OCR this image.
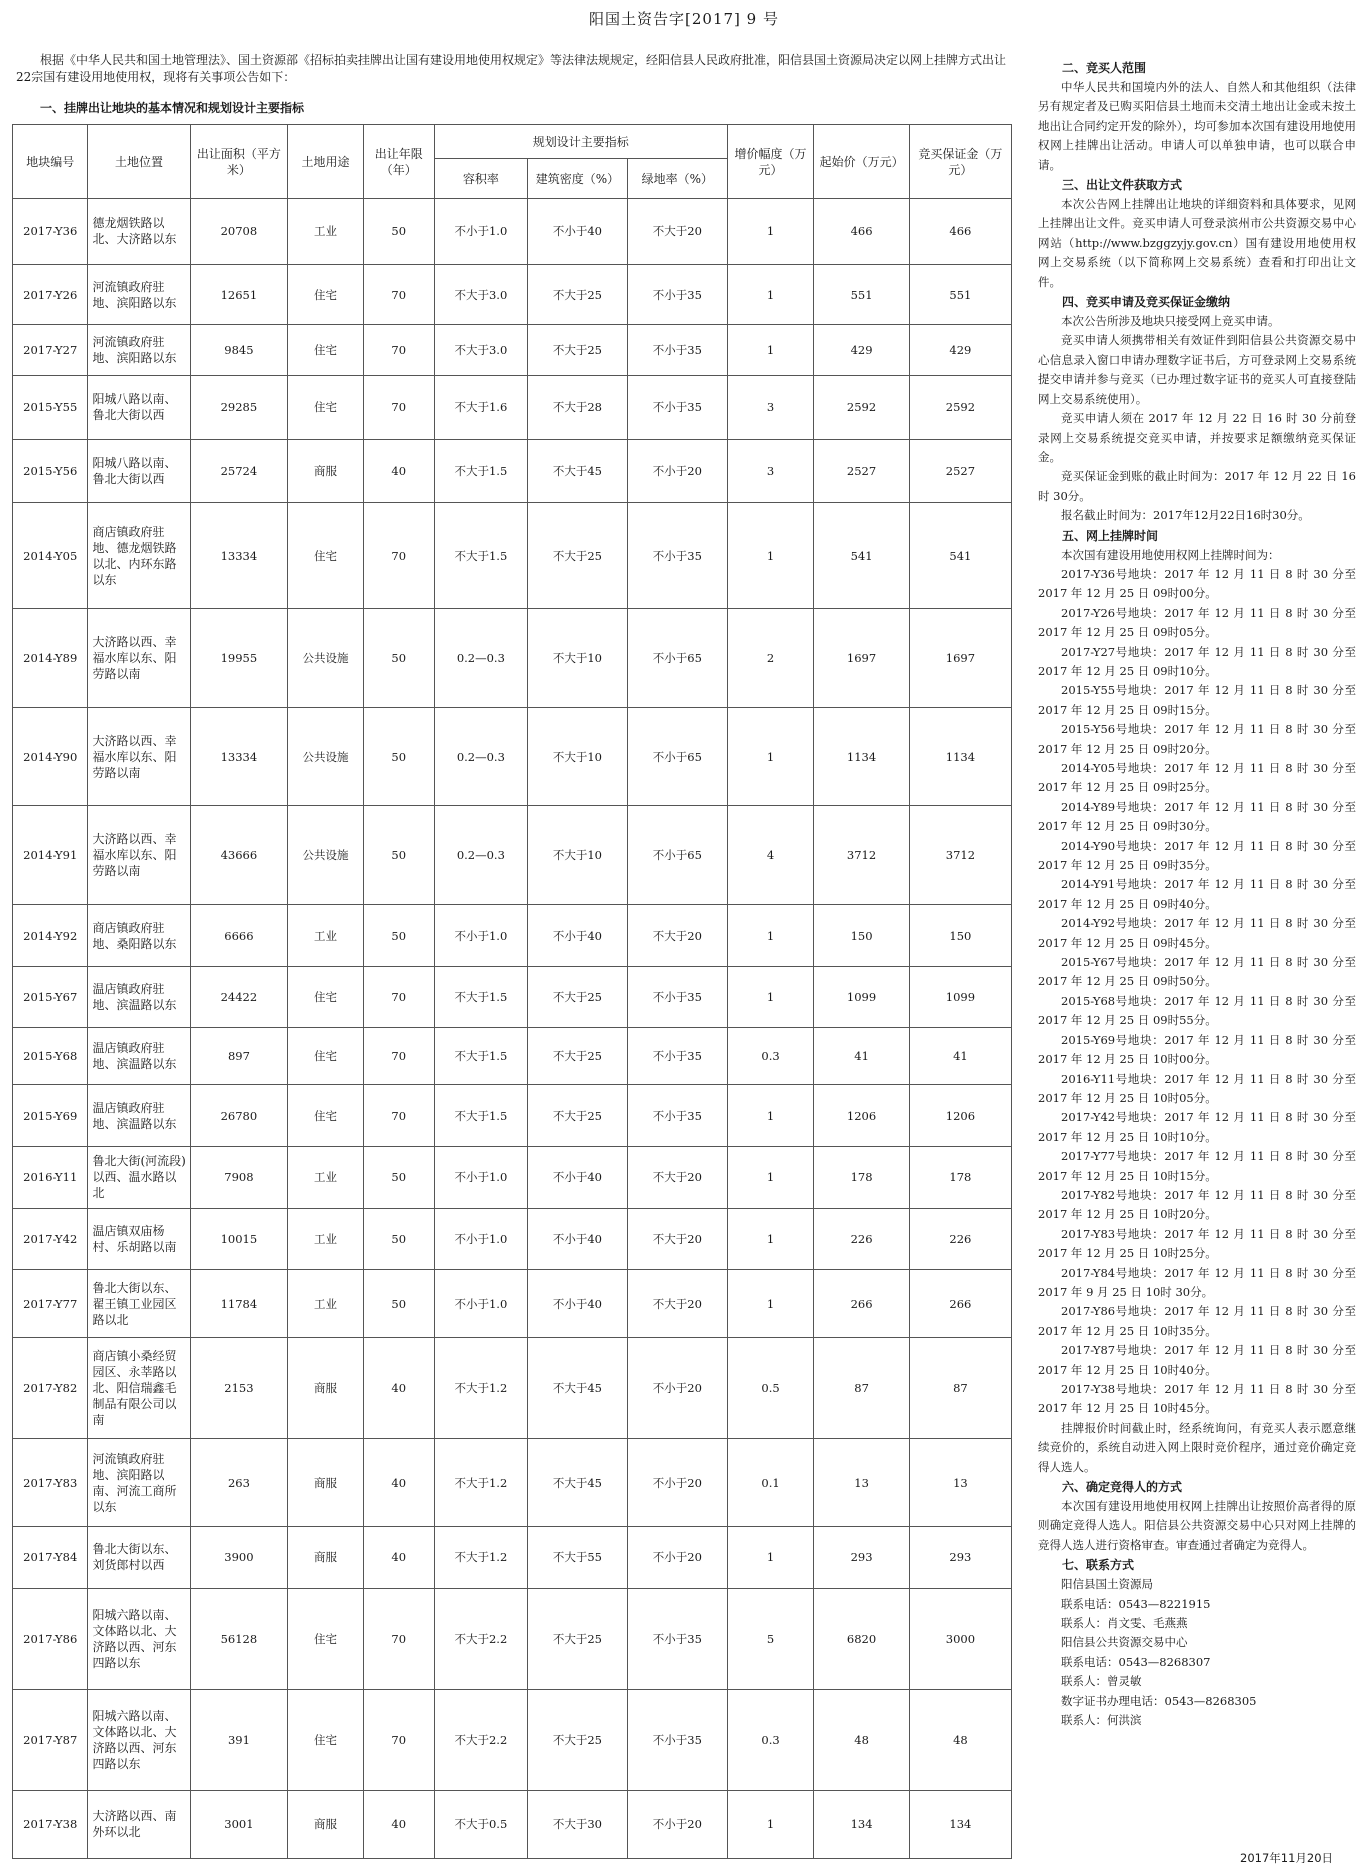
阳国土资告字[2017] 9 号

根据《中华人民共和国土地管理法》、国土资源部《招标拍卖挂牌出让国有建设用地使用权规定》等法律法规规定，经阳信县人民政府批准，阳信县国土资源局决定以网上挂牌方式出让22宗国有建设用地使用权，现将有关事项公告如下：

一、挂牌出让地块的基本情况和规划设计主要指标
地块编号	土地位置	出让面积（平方米）	土地用途	出让年限（年）	规划设计主要指标			增价幅度（万元）	起始价（万元）	竞买保证金（万元）
					容积率	建筑密度（%）	绿地率（%）			
2017-Y36	德龙烟铁路以北、大济路以东	20708	工业	50	不小于1.0	不小于40	不大于20	1	466	466
2017-Y26	河流镇政府驻地、滨阳路以东	12651	住宅	70	不大于3.0	不大于25	不小于35	1	551	551
2017-Y27	河流镇政府驻地、滨阳路以东	9845	住宅	70	不大于3.0	不大于25	不小于35	1	429	429
2015-Y55	阳城八路以南、鲁北大街以西	29285	住宅	70	不大于1.6	不大于28	不小于35	3	2592	2592
2015-Y56	阳城八路以南、鲁北大街以西	25724	商服	40	不大于1.5	不大于45	不小于20	3	2527	2527
2014-Y05	商店镇政府驻地、德龙烟铁路以北、内环东路以东	13334	住宅	70	不大于1.5	不大于25	不小于35	1	541	541
2014-Y89	大济路以西、幸福水库以东、阳劳路以南	19955	公共设施	50	0.2—0.3	不大于10	不小于65	2	1697	1697
2014-Y90	大济路以西、幸福水库以东、阳劳路以南	13334	公共设施	50	0.2—0.3	不大于10	不小于65	1	1134	1134
2014-Y91	大济路以西、幸福水库以东、阳劳路以南	43666	公共设施	50	0.2—0.3	不大于10	不小于65	4	3712	3712
2014-Y92	商店镇政府驻地、桑阳路以东	6666	工业	50	不小于1.0	不小于40	不大于20	1	150	150
2015-Y67	温店镇政府驻地、滨温路以东	24422	住宅	70	不大于1.5	不大于25	不小于35	1	1099	1099
2015-Y68	温店镇政府驻地、滨温路以东	897	住宅	70	不大于1.5	不大于25	不小于35	0.3	41	41
2015-Y69	温店镇政府驻地、滨温路以东	26780	住宅	70	不大于1.5	不大于25	不小于35	1	1206	1206
2016-Y11	鲁北大街(河流段)以西、温水路以北	7908	工业	50	不小于1.0	不小于40	不大于20	1	178	178
2017-Y42	温店镇双庙杨村、乐胡路以南	10015	工业	50	不小于1.0	不小于40	不大于20	1	226	226
2017-Y77	鲁北大街以东、翟王镇工业园区路以北	11784	工业	50	不小于1.0	不小于40	不大于20	1	266	266
2017-Y82	商店镇小桑经贸园区、永莘路以北、阳信瑞鑫毛制品有限公司以南	2153	商服	40	不大于1.2	不大于45	不小于20	0.5	87	87
2017-Y83	河流镇政府驻地、滨阳路以南、河流工商所以东	263	商服	40	不大于1.2	不大于45	不小于20	0.1	13	13
2017-Y84	鲁北大街以东、刘货郎村以西	3900	商服	40	不大于1.2	不大于55	不小于20	1	293	293
2017-Y86	阳城六路以南、文体路以北、大济路以西、河东四路以东	56128	住宅	70	不大于2.2	不大于25	不小于35	5	6820	3000
2017-Y87	阳城六路以南、文体路以北、大济路以西、河东四路以东	391	住宅	70	不大于2.2	不大于25	不小于35	0.3	48	48
2017-Y38	大济路以西、南外环以北	3001	商服	40	不大于0.5	不大于30	不小于20	1	134	134
二、竞买人范围

中华人民共和国境内外的法人、自然人和其他组织（法律另有规定者及已购买阳信县土地而未交清土地出让金或未按土地出让合同约定开发的除外），均可参加本次国有建设用地使用权网上挂牌出让活动。申请人可以单独申请，也可以联合申请。

三、出让文件获取方式

本次公告网上挂牌出让地块的详细资料和具体要求，见网上挂牌出让文件。竞买申请人可登录滨州市公共资源交易中心网站（http://www.bzggzyjy.gov.cn）国有建设用地使用权网上交易系统（以下简称网上交易系统）查看和打印出让文件。

四、竞买申请及竞买保证金缴纳

本次公告所涉及地块只接受网上竞买申请。

竞买申请人须携带相关有效证件到阳信县公共资源交易中心信息录入窗口申请办理数字证书后，方可登录网上交易系统提交申请并参与竞买（已办理过数字证书的竞买人可直接登陆网上交易系统使用）。

竞买申请人须在 2017 年 12 月 22 日 16 时 30 分前登录网上交易系统提交竞买申请，并按要求足额缴纳竞买保证金。

竞买保证金到账的截止时间为：2017 年 12 月 22 日 16 时 30分。

报名截止时间为：2017年12月22日16时30分。

五、网上挂牌时间

本次国有建设用地使用权网上挂牌时间为：

2017-Y36号地块：2017 年 12 月 11 日 8 时 30 分至 2017 年 12 月 25 日 09时00分。

2017-Y26号地块：2017 年 12 月 11 日 8 时 30 分至 2017 年 12 月 25 日 09时05分。

2017-Y27号地块：2017 年 12 月 11 日 8 时 30 分至 2017 年 12 月 25 日 09时10分。

2015-Y55号地块：2017 年 12 月 11 日 8 时 30 分至 2017 年 12 月 25 日 09时15分。

2015-Y56号地块：2017 年 12 月 11 日 8 时 30 分至 2017 年 12 月 25 日 09时20分。

2014-Y05号地块：2017 年 12 月 11 日 8 时 30 分至 2017 年 12 月 25 日 09时25分。

2014-Y89号地块：2017 年 12 月 11 日 8 时 30 分至 2017 年 12 月 25 日 09时30分。

2014-Y90号地块：2017 年 12 月 11 日 8 时 30 分至 2017 年 12 月 25 日 09时35分。

2014-Y91号地块：2017 年 12 月 11 日 8 时 30 分至 2017 年 12 月 25 日 09时40分。

2014-Y92号地块：2017 年 12 月 11 日 8 时 30 分至 2017 年 12 月 25 日 09时45分。

2015-Y67号地块：2017 年 12 月 11 日 8 时 30 分至 2017 年 12 月 25 日 09时50分。

2015-Y68号地块：2017 年 12 月 11 日 8 时 30 分至 2017 年 12 月 25 日 09时55分。

2015-Y69号地块：2017 年 12 月 11 日 8 时 30 分至 2017 年 12 月 25 日 10时00分。

2016-Y11号地块：2017 年 12 月 11 日 8 时 30 分至 2017 年 12 月 25 日 10时05分。

2017-Y42号地块：2017 年 12 月 11 日 8 时 30 分至 2017 年 12 月 25 日 10时10分。

2017-Y77号地块：2017 年 12 月 11 日 8 时 30 分至 2017 年 12 月 25 日 10时15分。

2017-Y82号地块：2017 年 12 月 11 日 8 时 30 分至 2017 年 12 月 25 日 10时20分。

2017-Y83号地块：2017 年 12 月 11 日 8 时 30 分至 2017 年 12 月 25 日 10时25分。

2017-Y84号地块：2017 年 12 月 11 日 8 时 30 分至 2017 年 9 月 25 日 10时 30分。

2017-Y86号地块：2017 年 12 月 11 日 8 时 30 分至 2017 年 12 月 25 日 10时35分。

2017-Y87号地块：2017 年 12 月 11 日 8 时 30 分至 2017 年 12 月 25 日 10时40分。

2017-Y38号地块：2017 年 12 月 11 日 8 时 30 分至 2017 年 12 月 25 日 10时45分。

挂牌报价时间截止时，经系统询问，有竞买人表示愿意继续竞价的，系统自动进入网上限时竞价程序，通过竞价确定竞得人选人。

六、确定竞得人的方式

本次国有建设用地使用权网上挂牌出让按照价高者得的原则确定竞得人选人。阳信县公共资源交易中心只对网上挂牌的竞得人选人进行资格审查。审查通过者确定为竞得人。

七、联系方式

阳信县国土资源局

联系电话：0543—8221915

联系人：肖文雯、毛燕燕

阳信县公共资源交易中心

联系电话：0543—8268307

联系人：曾灵敏

数字证书办理电话：0543—8268305

联系人：何洪滨

2017年11月20日
